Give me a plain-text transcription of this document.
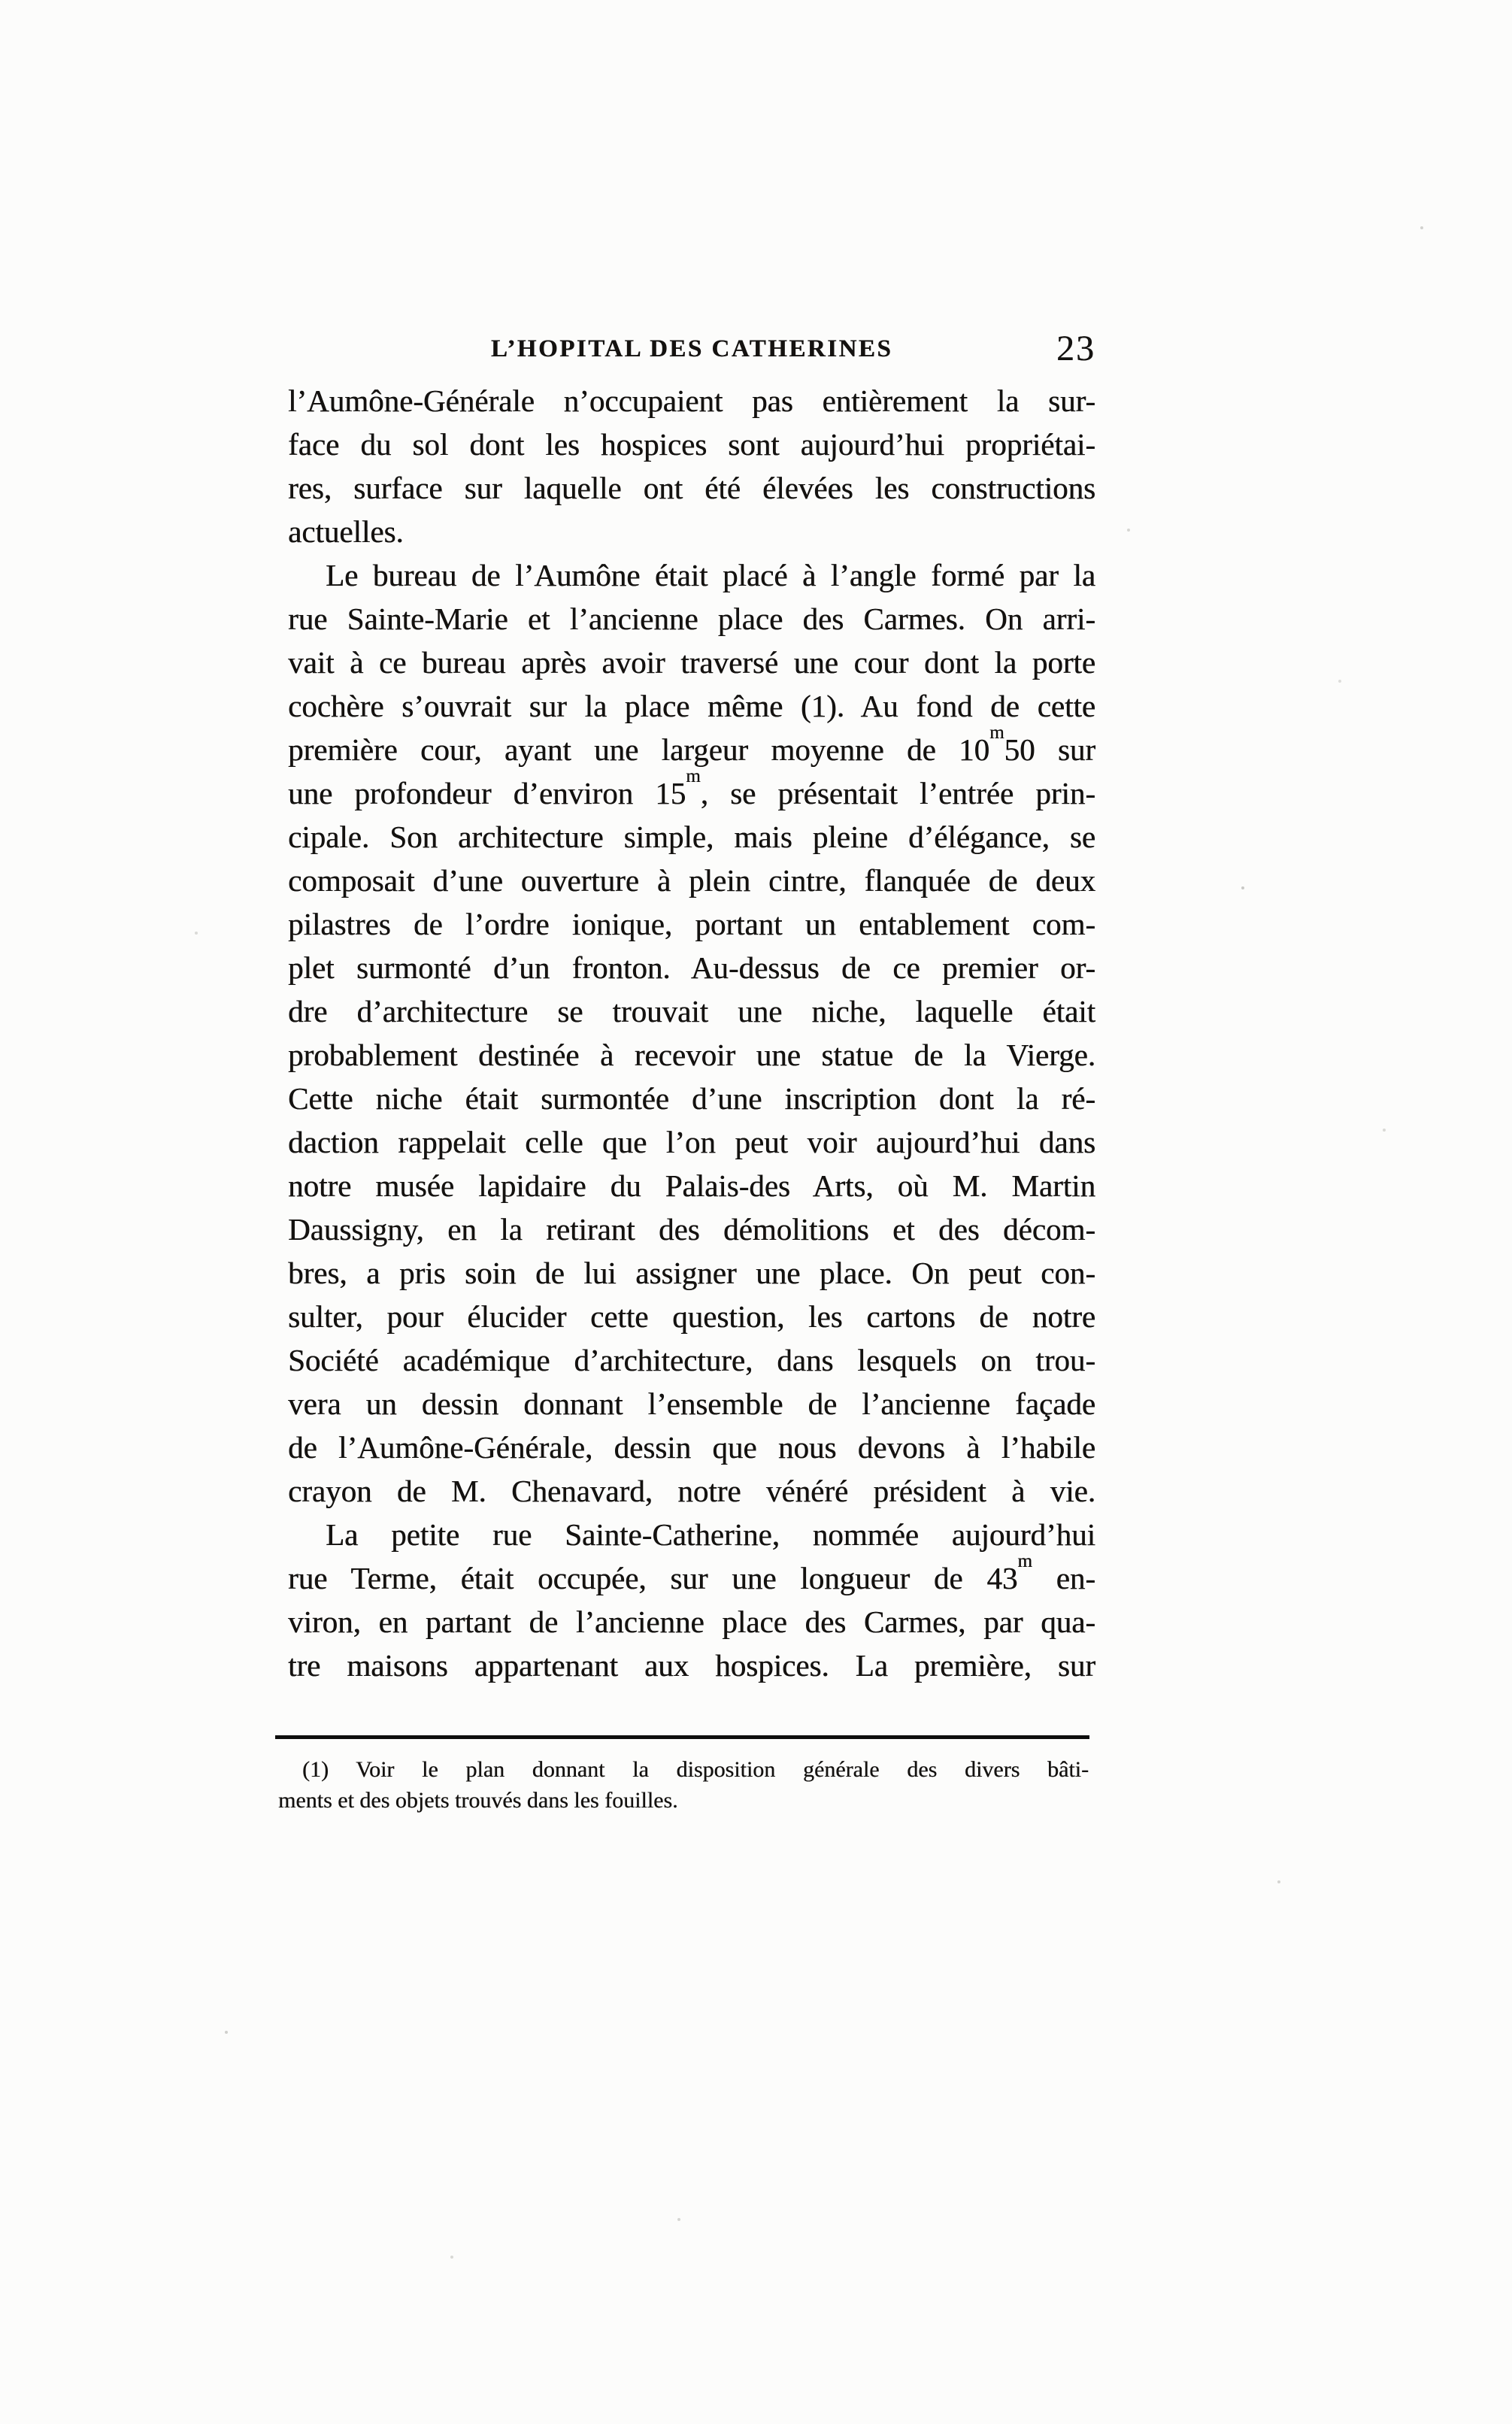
L’HOPITAL DES CATHERINES	23
l’Aumône-Générale n’occupaient pas entièrement la sur-
face du sol dont les hospices sont aujourd’hui propriétai-
res, surface sur laquelle ont été élevées les constructions
actuelles.
Le bureau de l’Aumône était placé à l’angle formé par la
rue Sainte-Marie et l’ancienne place des Carmes. On arri-
vait à ce bureau après avoir traversé une cour dont la porte
cochère s’ouvrait sur la place même (1). Au fond de cette
première cour, ayant une largeur moyenne de 10$^m$50 sur
une profondeur d’environ 15$^m$, se présentait l’entrée prin-
cipale. Son architecture simple, mais pleine d’élégance, se
composait d’une ouverture à plein cintre, flanquée de deux
pilastres de l’ordre ionique, portant un entablement com-
plet surmonté d’un fronton. Au-dessus de ce premier or-
dre d’architecture se trouvait une niche, laquelle était
probablement destinée à recevoir une statue de la Vierge.
Cette niche était surmontée d’une inscription dont la ré-
daction rappelait celle que l’on peut voir aujourd’hui dans
notre musée lapidaire du Palais-des Arts, où M. Martin
Daussigny, en la retirant des démolitions et des décom-
bres, a pris soin de lui assigner une place. On peut con-
sulter, pour élucider cette question, les cartons de notre
Société académique d’architecture, dans lesquels on trou-
vera un dessin donnant l’ensemble de l’ancienne façade
de l’Aumône-Générale, dessin que nous devons à l’habile
crayon de M. Chenavard, notre vénéré président à vie.
La petite rue Sainte-Catherine, nommée aujourd’hui
rue Terme, était occupée, sur une longueur de 43$^m$ en-
viron, en partant de l’ancienne place des Carmes, par qua-
tre maisons appartenant aux hospices. La première, sur
(1) Voir le plan donnant la disposition générale des divers bâti-
ments et des objets trouvés dans les fouilles.
